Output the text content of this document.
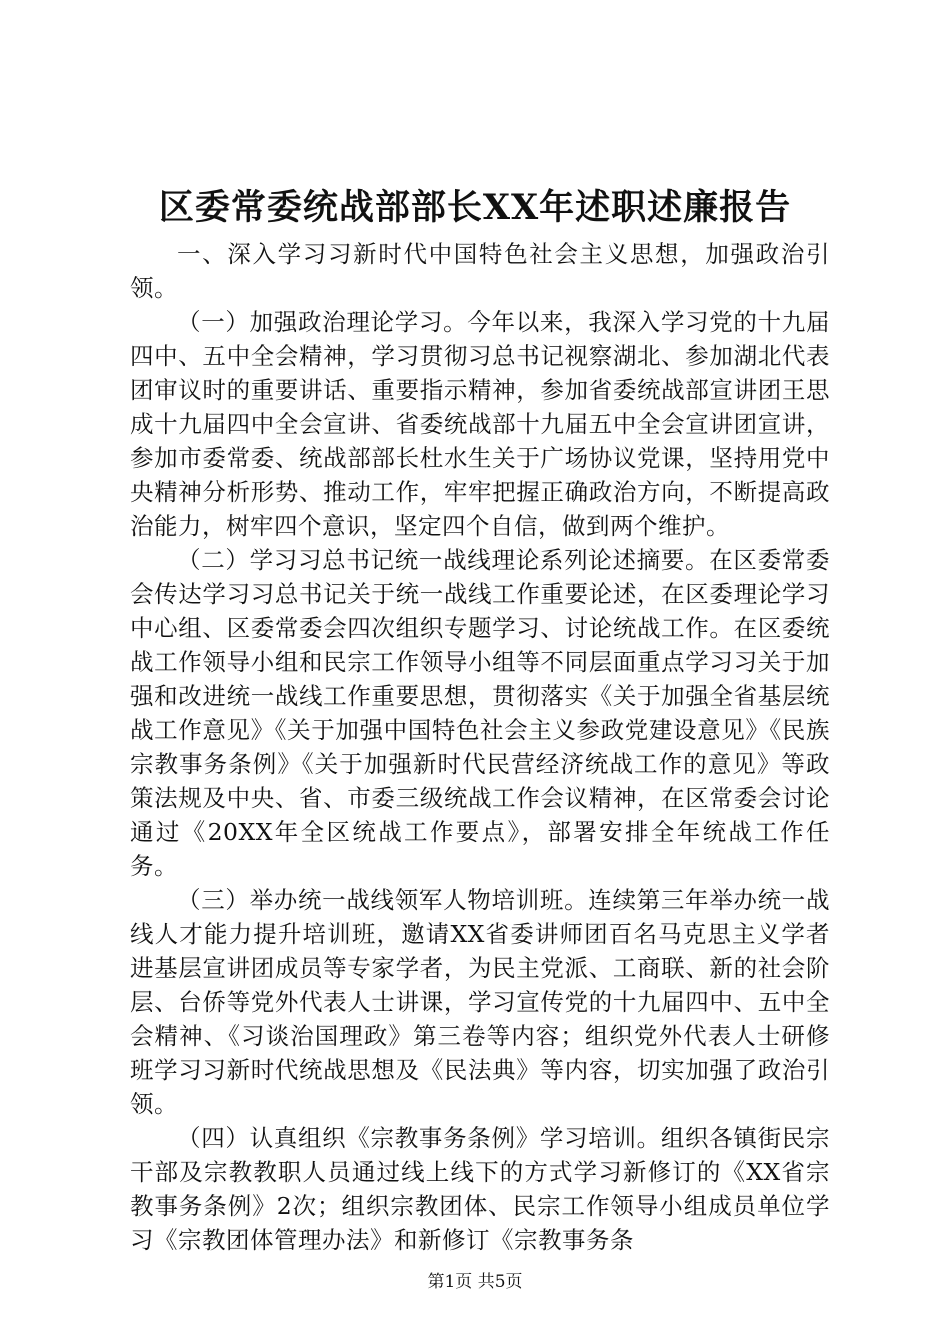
区委常委统战部部长XX年述职述廉报告

一、深入学习习新时代中国特色社会主义思想，加强政治引领。

（一）加强政治理论学习。今年以来，我深入学习党的十九届四中、五中全会精神，学习贯彻习总书记视察湖北、参加湖北代表团审议时的重要讲话、重要指示精神，参加省委统战部宣讲团王思成十九届四中全会宣讲、省委统战部十九届五中全会宣讲团宣讲，参加市委常委、统战部部长杜水生关于广场协议党课，坚持用党中央精神分析形势、推动工作，牢牢把握正确政治方向，不断提高政治能力，树牢四个意识，坚定四个自信，做到两个维护。

（二）学习习总书记统一战线理论系列论述摘要。在区委常委会传达学习习总书记关于统一战线工作重要论述，在区委理论学习中心组、区委常委会四次组织专题学习、讨论统战工作。在区委统战工作领导小组和民宗工作领导小组等不同层面重点学习习关于加强和改进统一战线工作重要思想，贯彻落实《关于加强全省基层统战工作意见》《关于加强中国特色社会主义参政党建设意见》《民族宗教事务条例》《关于加强新时代民营经济统战工作的意见》等政策法规及中央、省、市委三级统战工作会议精神，在区常委会讨论通过《20XX年全区统战工作要点》，部署安排全年统战工作任务。

（三）举办统一战线领军人物培训班。连续第三年举办统一战线人才能力提升培训班，邀请XX省委讲师团百名马克思主义学者进基层宣讲团成员等专家学者，为民主党派、工商联、新的社会阶层、台侨等党外代表人士讲课，学习宣传党的十九届四中、五中全会精神、《习谈治国理政》第三卷等内容；组织党外代表人士研修班学习习新时代统战思想及《民法典》等内容，切实加强了政治引领。

（四）认真组织《宗教事务条例》学习培训。组织各镇街民宗干部及宗教教职人员通过线上线下的方式学习新修订的《XX省宗教事务条例》2次；组织宗教团体、民宗工作领导小组成员单位学习《宗教团体管理办法》和新修订《宗教事务条

第1页 共5页
